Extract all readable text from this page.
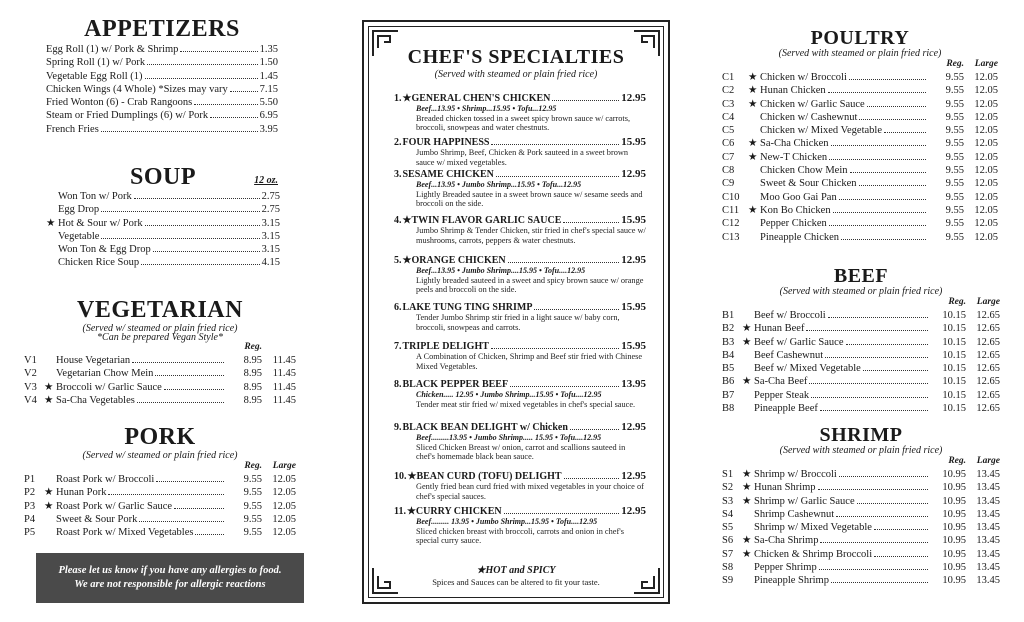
APPETIZERS
Egg Roll (1) w/ Pork & Shrimp	1.35
Spring Roll (1) w/ Pork	1.50
Vegetable Egg Roll (1)	1.45
Chicken Wings (4 Whole) *Sizes may vary	7.15
Fried Wonton (6) - Crab Rangoons	5.50
Steam or Fried Dumplings (6) w/ Pork	6.95
French Fries	3.95
SOUP	12 oz.
Won Ton w/ Pork	2.75
Egg Drop	2.75
★ Hot & Sour w/ Pork	3.15
Vegetable	3.15
Won Ton & Egg Drop	3.15
Chicken Rice Soup	4.15
VEGETARIAN
(Served w/ steamed or plain fried rice)
*Can be prepared Vegan Style*
Reg.
V1	House Vegetarian	8.95	11.45
V2	Vegetarian Chow Mein	8.95	11.45
V3 ★ Broccoli w/ Garlic Sauce	8.95	11.45
V4 ★ Sa-Cha Vegetables	8.95	11.45
PORK
(Served w/ steamed or plain fried rice)
Reg.	Large
P1	Roast Pork w/ Broccoli	9.55 12.05
P2 ★ Hunan Pork	9.55 12.05
P3 ★ Roast Pork w/ Garlic Sauce	9.55 12.05
P4	Sweet & Sour Pork	9.55 12.05
P5	Roast Pork w/ Mixed Vegetables	9.55 12.05
Please let us know if you have any allergies to food.
We are not responsible for allergic reactions
CHEF'S SPECIALTIES
(Served with steamed or plain fried rice)
1. ★ GENERAL CHEN'S CHICKEN	12.95
Beef...13.95 • Shrimp...15.95 • Tofu...12.95
Breaded chicken tossed in a sweet spicy brown sauce w/ carrots, broccoli, snowpeas and water chestnuts.
2. FOUR HAPPINESS	15.95
Jumbo Shrimp, Beef, Chicken & Pork sauteed in a sweet brown sauce w/ mixed vegetables.
3. SESAME CHICKEN	12.95
Beef...13.95 • Jumbo Shrimp...15.95 • Tofu...12.95
Lightly Breaded sautee in a sweet brown sauce w/ sesame seeds and broccoli on the side.
4. ★ TWIN FLAVOR GARLIC SAUCE	15.95
Jumbo Shrimp & Tender Chicken, stir fried in chef's special sauce w/ mushrooms, carrots, peppers & water chestnuts.
5. ★ ORANGE CHICKEN	12.95
Beef...13.95 • Jumbo Shrimp....15.95 • Tofu....12.95
Lightly breaded sauteed in a sweet and spicy brown sauce w/ orange peels and broccoli on the side.
6. LAKE TUNG TING SHRIMP	15.95
Tender Jumbo Shrimp stir fried in a light sauce w/ baby corn, broccoli, snowpeas and carrots.
7. TRIPLE DELIGHT	15.95
A Combination of Chicken, Shrimp and Beef stir fried with Chinese Mixed Vegetables.
8. BLACK PEPPER BEEF	13.95
Chicken..... 12.95 • Jumbo Shrimp...15.95 • Tofu....12.95
Tender meat stir fried w/ mixed vegetables in chef's special sauce.
9. BLACK BEAN DELIGHT w/ Chicken	12.95
Beef.........13.95 • Jumbo Shrimp..... 15.95 • Tofu....12.95
Sliced Chicken Breast w/ onion, carrot and scallions sauteed in chef's homemade black bean sauce.
10. ★ BEAN CURD (TOFU) DELIGHT	12.95
Gently fried bean curd fried with mixed vegetables in your choice of chef's special sauces.
11. ★ CURRY CHICKEN	12.95
Beef......... 13.95 • Jumbo Shrimp...15.95 • Tofu....12.95
Sliced chicken breast with broccoli, carrots and onion in chef's special curry sauce.
★HOT and SPICY
Spices and Sauces can be altered to fit your taste.
POULTRY
(Served with steamed or plain fried rice)
Reg.	Large
C1	★ Chicken w/ Broccoli	9.55 12.05
C2	★ Hunan Chicken	9.55 12.05
C3	★ Chicken w/ Garlic Sauce	9.55 12.05
C4	Chicken w/ Cashewnut	9.55 12.05
C5	Chicken w/ Mixed Vegetable	9.55 12.05
C6	★ Sa-Cha Chicken	9.55 12.05
C7	★ New-T Chicken	9.55 12.05
C8	Chicken Chow Mein	9.55 12.05
C9	Sweet & Sour Chicken	9.55 12.05
C10	Moo Goo Gai Pan	9.55 12.05
C11 ★ Kon Bo Chicken	9.55 12.05
C12	Pepper Chicken	9.55 12.05
C13	Pineapple Chicken	9.55 12.05
BEEF
(Served with steamed or plain fried rice)
Reg.	Large
B1	Beef w/ Broccoli	10.15 12.65
B2 ★ Hunan Beef	10.15 12.65
B3 ★ Beef w/ Garlic Sauce	10.15 12.65
B4	Beef Cashewnut	10.15 12.65
B5	Beef w/ Mixed Vegetable	10.15 12.65
B6 ★ Sa-Cha Beef	10.15 12.65
B7	Pepper Steak	10.15 12.65
B8	Pineapple Beef	10.15 12.65
SHRIMP
(Served with steamed or plain fried rice)
Reg.	Large
S1 ★ Shrimp w/ Broccoli	10.95 13.45
S2 ★ Hunan Shrimp	10.95 13.45
S3 ★ Shrimp w/ Garlic Sauce	10.95 13.45
S4	Shrimp Cashewnut	10.95 13.45
S5	Shrimp w/ Mixed Vegetable	10.95 13.45
S6 ★ Sa-Cha Shrimp	10.95 13.45
S7 ★ Chicken & Shrimp Broccoli	10.95 13.45
S8	Pepper Shrimp	10.95 13.45
S9	Pineapple Shrimp	10.95 13.45
